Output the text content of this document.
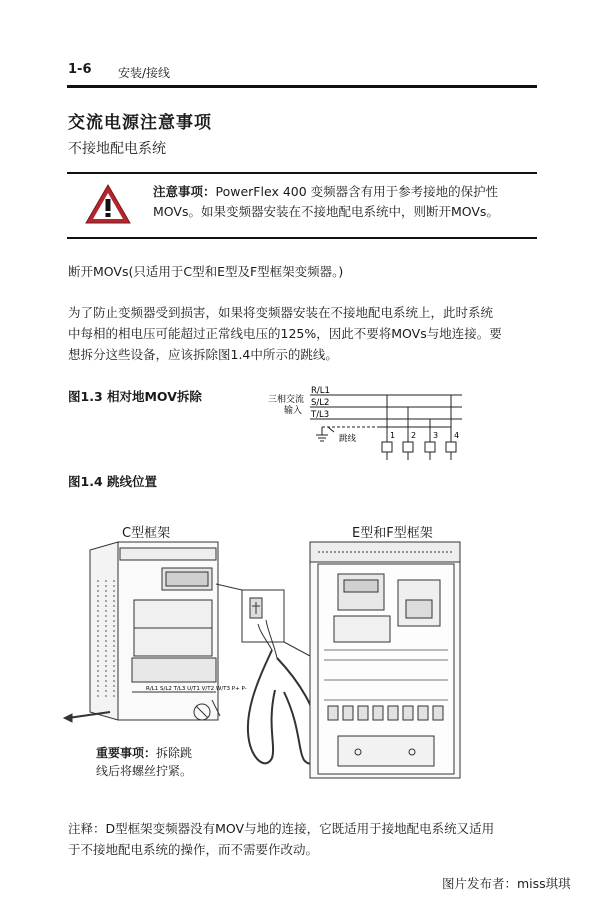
1-6 安装/接线
交流电源注意事项
不接地配电系统
注意事项：PowerFlex 400 变频器含有用于参考接地的保护性
MOVs。如果变频器安装在不接地配电系统中，则断开MOVs。
断开MOVs(只适用于C型和E型及F型框架变频器。)
为了防止变频器受到损害，如果将变频器安装在不接地配电系统上，此时系统
中每相的相电压可能超过正常线电压的125%，因此不要将MOVs与地连接。要
想拆分这些设备，应该拆除图1.4中所示的跳线。
图1.3 相对地MOV拆除	三相交流
输入
R/L1
S/L2
T/L3
跳线	1 2 3 4
图1.4 跳线位置
C型框架	E型和F型框架
R/L1 S/L2 T/L3 U/T1 V/T2 W/T3 P+ P-
重要事项：拆除跳
线后将螺丝拧紧。
注释：D型框架变频器没有MOV与地的连接，它既适用于接地配电系统又适用
于不接地配电系统的操作，而不需要作改动。
图片发布者：miss琪琪
